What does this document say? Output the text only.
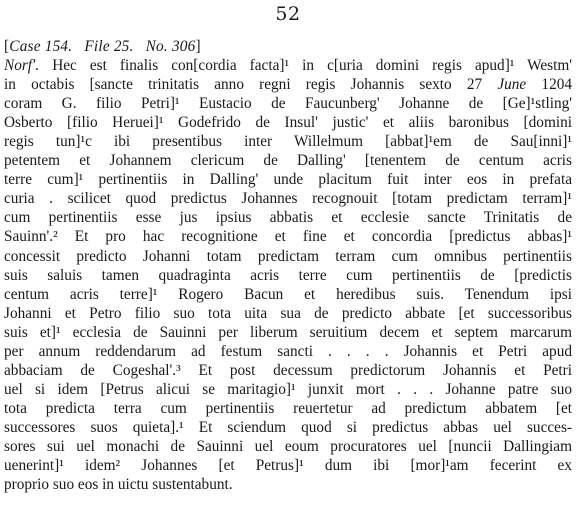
52
[Case 154. File 25. No. 306]
Norf'. Hec est finalis con[cordia facta]¹ in c[uria domini regis apud]¹ Westm'
in octabis [sancte trinitatis anno regni regis Johannis sexto 27 June 1204
coram G. filio Petri]¹ Eustacio de Faucunberg' Johanne de [Ge]¹stling'
Osberto [filio Heruei]¹ Godefrido de Insul' justic' et aliis baronibus [domini
regis tun]¹c ibi presentibus inter Willelmum [abbat]¹em de Sau[inni]¹
petentem et Johannem clericum de Dalling' [tenentem de centum acris
terre cum]¹ pertinentiis in Dalling' unde placitum fuit inter eos in prefata
curia . scilicet quod predictus Johannes recognouit [totam predictam terram]¹
cum pertinentiis esse jus ipsius abbatis et ecclesie sancte Trinitatis de
Sauinn'.² Et pro hac recognitione et fine et concordia [predictus abbas]¹
concessit predicto Johanni totam predictam terram cum omnibus pertinentiis
suis saluis tamen quadraginta acris terre cum pertinentiis de [predictis
centum acris terre]¹ Rogero Bacun et heredibus suis. Tenendum ipsi
Johanni et Petro filio suo tota uita sua de predicto abbate [et successoribus
suis et]¹ ecclesia de Sauinni per liberum seruitium decem et septem marcarum
per annum reddendarum ad festum sancti . . . . Johannis et Petri apud
abbaciam de Cogeshal'.³ Et post decessum predictorum Johannis et Petri
uel si idem [Petrus alicui se maritagio]¹ junxit mort . . . Johanne patre suo
tota predicta terra cum pertinentiis reuertetur ad predictum abbatem [et
successores suos quieta].¹ Et sciendum quod si predictus abbas uel succes-
sores sui uel monachi de Sauinni uel eoum procuratores uel [nuncii Dallingiam
uenerint]¹ idem² Johannes [et Petrus]¹ dum ibi [mor]¹am fecerint ex
proprio suo eos in uictu sustentabunt.
